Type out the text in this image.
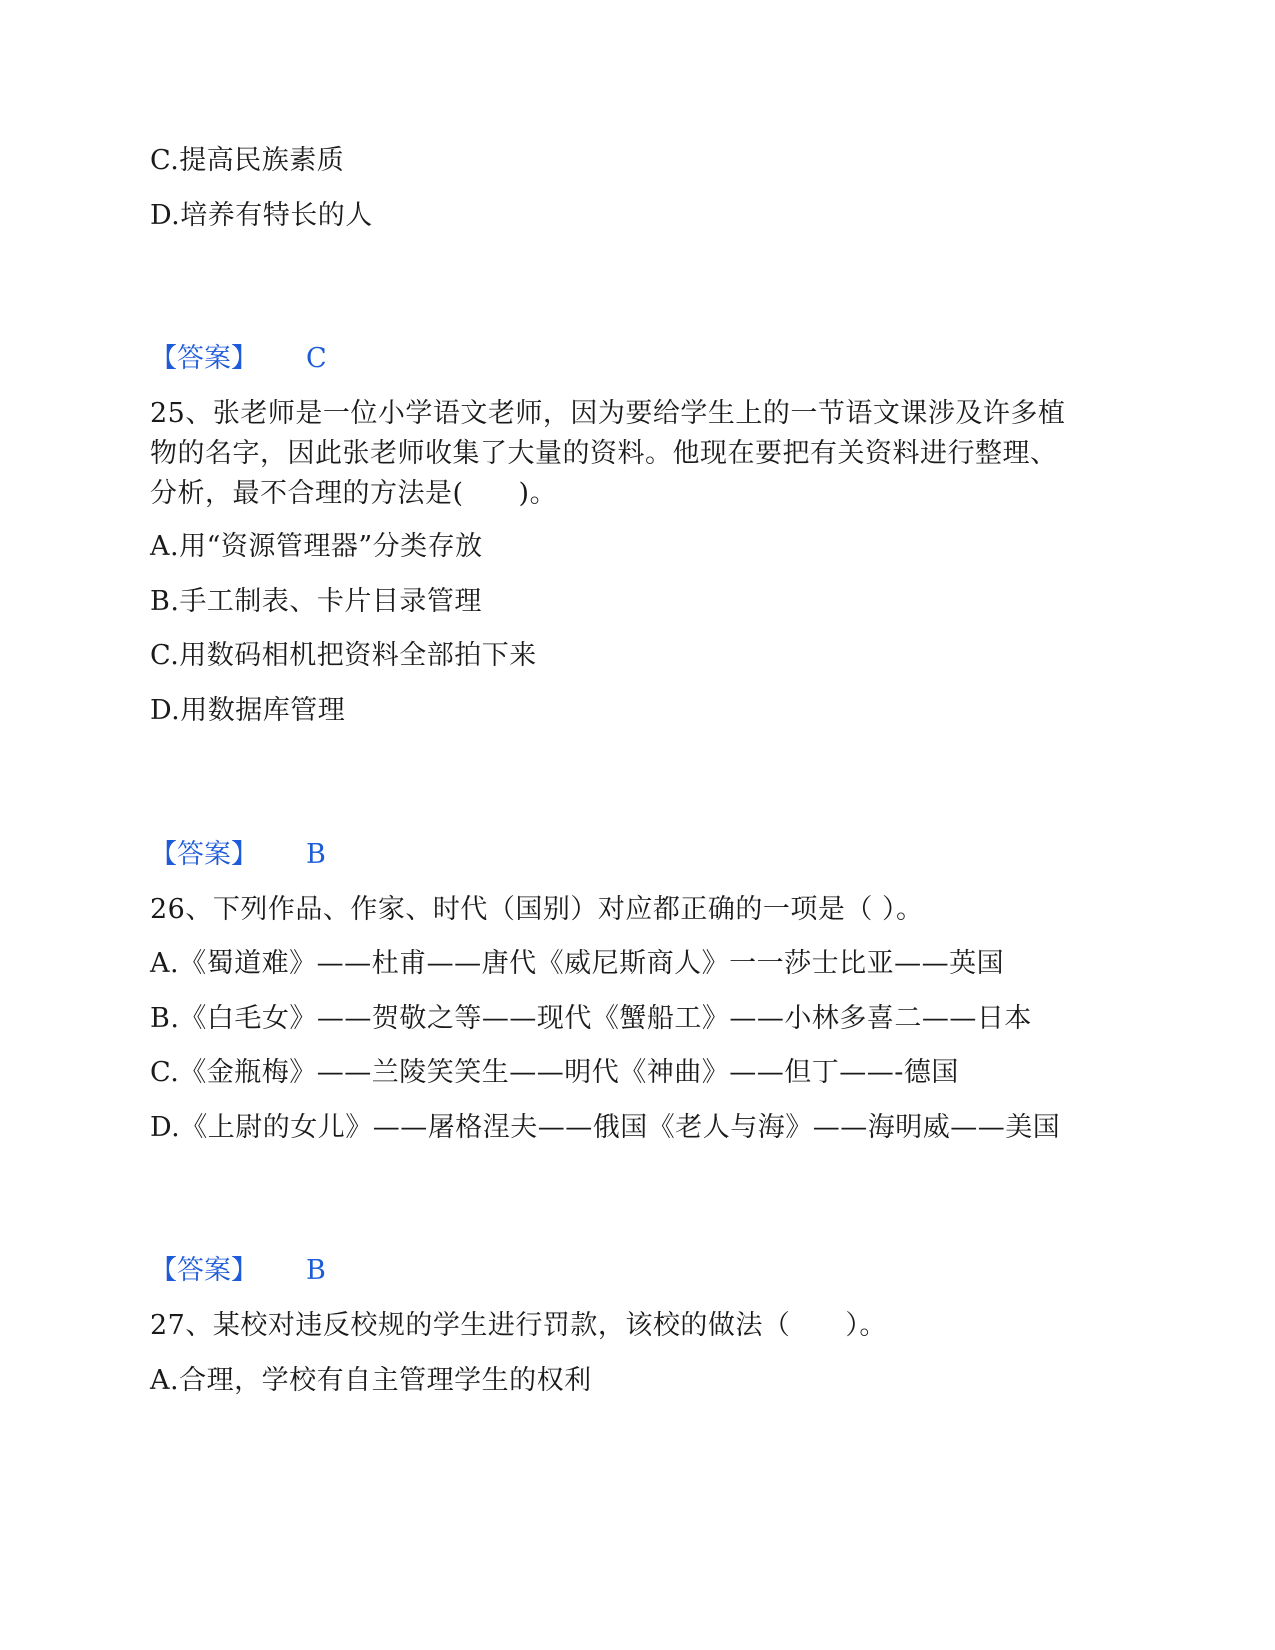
C.提高民族素质
D.培养有特长的人
【答案】 C
25、张老师是一位小学语文老师，因为要给学生上的一节语文课涉及许多植
物的名字，因此张老师收集了大量的资料。他现在要把有关资料进行整理、
分析，最不合理的方法是(　　)。
A.用“资源管理器”分类存放
B.手工制表、卡片目录管理
C.用数码相机把资料全部拍下来
D.用数据库管理
【答案】 B
26、下列作品、作家、时代（国别）对应都正确的一项是（ ）。
A.《蜀道难》——杜甫——唐代《威尼斯商人》一一莎士比亚——英国
B.《白毛女》——贺敬之等——现代《蟹船工》——小林多喜二——日本
C.《金瓶梅》——兰陵笑笑生——明代《神曲》——但丁——-德国
D.《上尉的女儿》——屠格涅夫——俄国《老人与海》——海明威——美国
【答案】 B
27、某校对违反校规的学生进行罚款，该校的做法（　　）。
A.合理，学校有自主管理学生的权利
